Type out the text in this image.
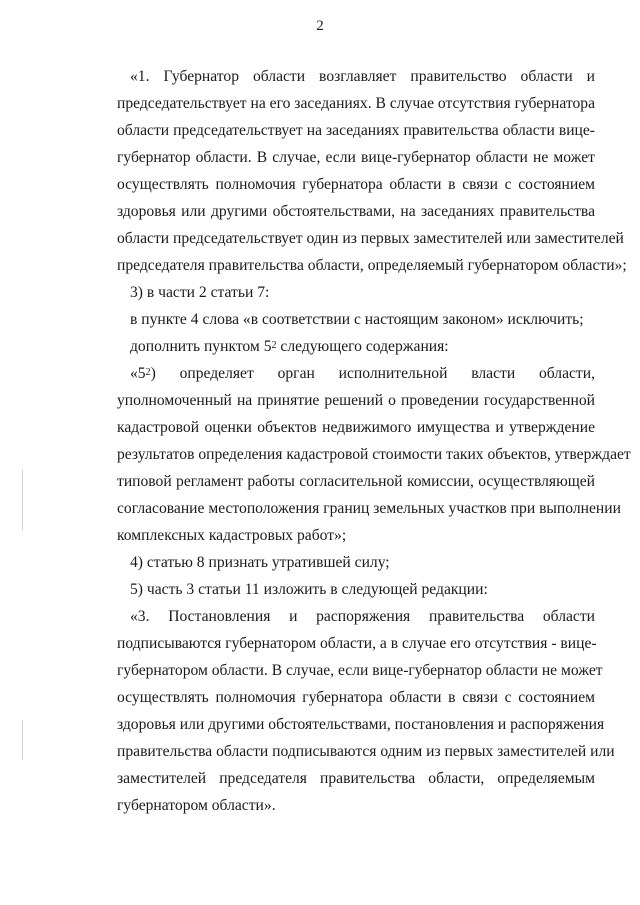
2
«1. Губернатор области возглавляет правительство области и
председательствует на его заседаниях. В случае отсутствия губернатора
области председательствует на заседаниях правительства области вице-
губернатор области. В случае, если вице-губернатор области не может
осуществлять полномочия губернатора области в связи с состоянием
здоровья или другими обстоятельствами, на заседаниях правительства
области председательствует один из первых заместителей или заместителей
председателя правительства области, определяемый губернатором области»;
3) в части 2 статьи 7:
в пункте 4 слова «в соответствии с настоящим законом» исключить;
дополнить пунктом $5^2$ следующего содержания:
«$5^2$) определяет орган исполнительной власти области,
уполномоченный на принятие решений о проведении государственной
кадастровой оценки объектов недвижимого имущества и утверждение
результатов определения кадастровой стоимости таких объектов, утверждает
типовой регламент работы согласительной комиссии, осуществляющей
согласование местоположения границ земельных участков при выполнении
комплексных кадастровых работ»;
4) статью 8 признать утратившей силу;
5) часть 3 статьи 11 изложить в следующей редакции:
«3. Постановления и распоряжения правительства области
подписываются губернатором области, а в случае его отсутствия - вице-
губернатором области. В случае, если вице-губернатор области не может
осуществлять полномочия губернатора области в связи с состоянием
здоровья или другими обстоятельствами, постановления и распоряжения
правительства области подписываются одним из первых заместителей или
заместителей председателя правительства области, определяемым
губернатором области».
